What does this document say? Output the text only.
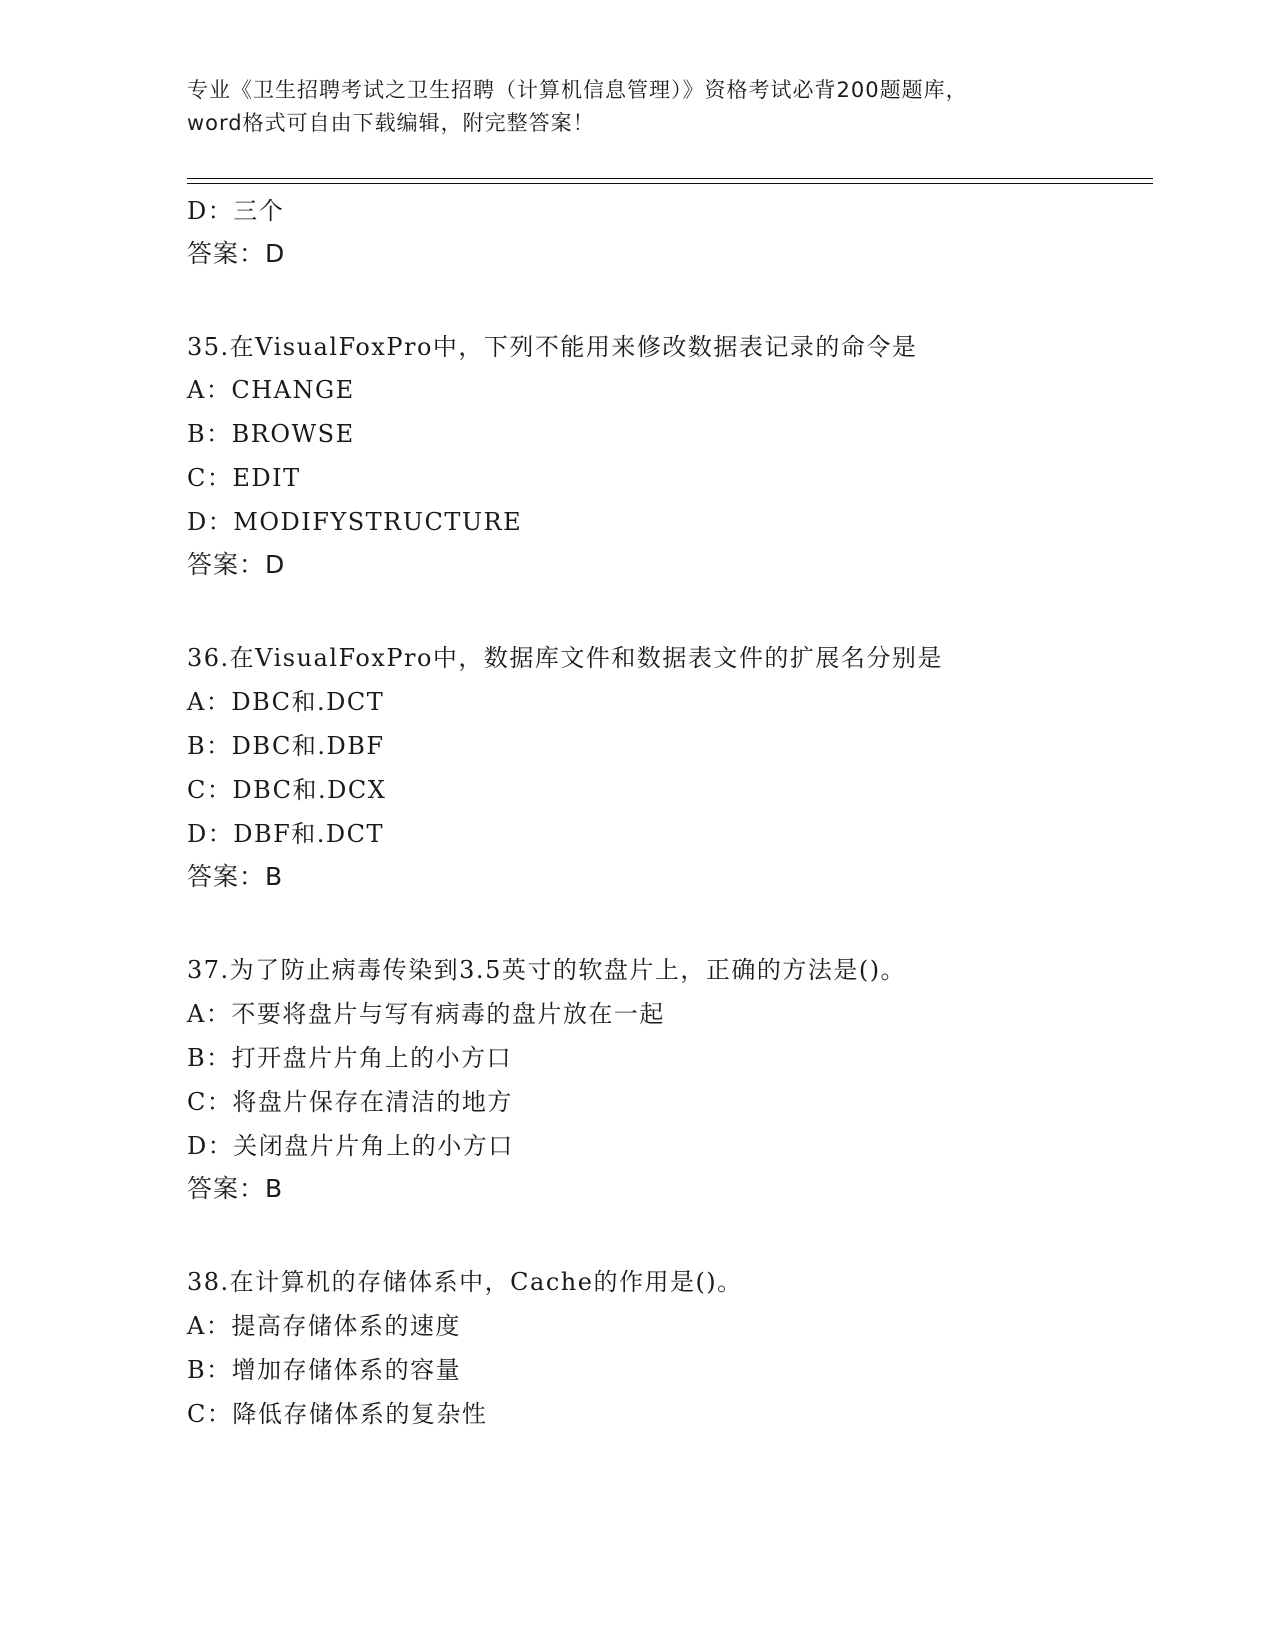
专业《卫生招聘考试之卫生招聘（计算机信息管理）》资格考试必背200题题库，
word格式可自由下载编辑，附完整答案！
D：三个
答案：D
35.在VisualFoxPro中，下列不能用来修改数据表记录的命令是
A：CHANGE
B：BROWSE
C：EDIT
D：MODIFYSTRUCTURE
答案：D
36.在VisualFoxPro中，数据库文件和数据表文件的扩展名分别是
A：DBC和.DCT
B：DBC和.DBF
C：DBC和.DCX
D：DBF和.DCT
答案：B
37.为了防止病毒传染到3.5英寸的软盘片上，正确的方法是()。
A：不要将盘片与写有病毒的盘片放在一起
B：打开盘片片角上的小方口
C：将盘片保存在清洁的地方
D：关闭盘片片角上的小方口
答案：B
38.在计算机的存储体系中，Cache的作用是()。
A：提高存储体系的速度
B：增加存储体系的容量
C：降低存储体系的复杂性
